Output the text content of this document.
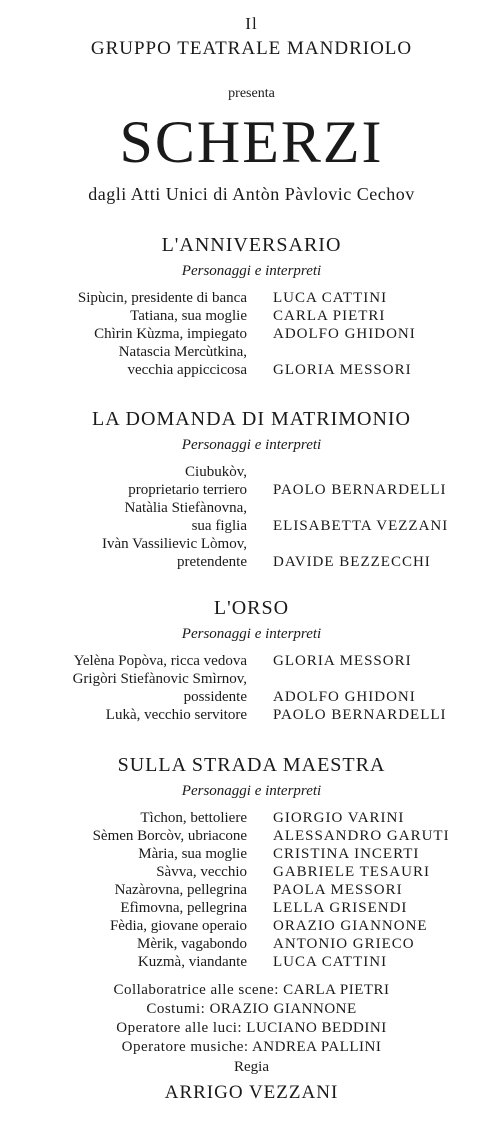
Il
GRUPPO TEATRALE MANDRIOLO
presenta
SCHERZI
dagli Atti Unici di Antòn Pàvlovic Cechov
L'ANNIVERSARIO
Personaggi e interpreti
Sipùcin, presidente di banca LUCA CATTINI
Tatiana, sua moglie CARLA PIETRI
Chìrin Kùzma, impiegato ADOLFO GHIDONI
Natascia Mercùtkina,
vecchia appiccicosa GLORIA MESSORI
LA DOMANDA DI MATRIMONIO
Personaggi e interpreti
Ciubukòv,
proprietario terriero PAOLO BERNARDELLI
Natàlia Stiefànovna,
sua figlia ELISABETTA VEZZANI
Ivàn Vassilievic Lòmov,
pretendente DAVIDE BEZZECCHI
L'ORSO
Personaggi e interpreti
Yelèna Popòva, ricca vedova GLORIA MESSORI
Grigòri Stiefànovic Smìrnov,
possidente ADOLFO GHIDONI
Lukà, vecchio servitore PAOLO BERNARDELLI
SULLA STRADA MAESTRA
Personaggi e interpreti
Tìchon, bettoliere GIORGIO VARINI
Sèmen Borcòv, ubriacone ALESSANDRO GARUTI
Mària, sua moglie CRISTINA INCERTI
Sàvva, vecchio GABRIELE TESAURI
Nazàrovna, pellegrina PAOLA MESSORI
Efìmovna, pellegrina LELLA GRISENDI
Fèdia, giovane operaio ORAZIO GIANNONE
Mèrik, vagabondo ANTONIO GRIECO
Kuzmà, viandante LUCA CATTINI
Collaboratrice alle scene: CARLA PIETRI
Costumi: ORAZIO GIANNONE
Operatore alle luci: LUCIANO BEDDINI
Operatore musiche: ANDREA PALLINI
Regia
ARRIGO VEZZANI
